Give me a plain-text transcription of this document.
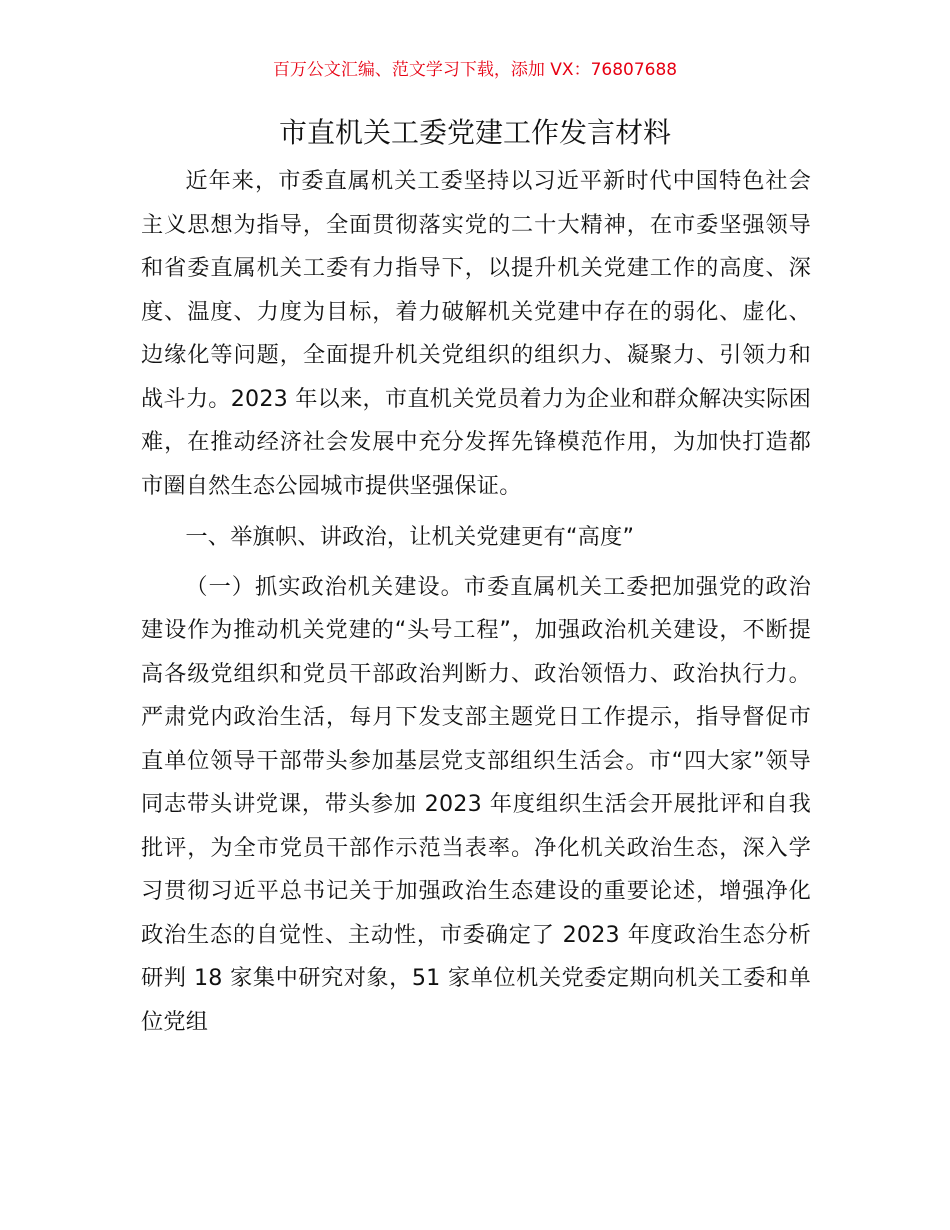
百万公文汇编、范文学习下载，添加 VX：76807688
市直机关工委党建工作发言材料

近年来，市委直属机关工委坚持以习近平新时代中国特色社会主义思想为指导，全面贯彻落实党的二十大精神，在市委坚强领导和省委直属机关工委有力指导下，以提升机关党建工作的高度、深度、温度、力度为目标，着力破解机关党建中存在的弱化、虚化、边缘化等问题，全面提升机关党组织的组织力、凝聚力、引领力和战斗力。2023 年以来，市直机关党员着力为企业和群众解决实际困难，在推动经济社会发展中充分发挥先锋模范作用，为加快打造都市圈自然生态公园城市提供坚强保证。

一、举旗帜、讲政治，让机关党建更有“高度”

（一）抓实政治机关建设。市委直属机关工委把加强党的政治建设作为推动机关党建的“头号工程”，加强政治机关建设，不断提高各级党组织和党员干部政治判断力、政治领悟力、政治执行力。严肃党内政治生活，每月下发支部主题党日工作提示，指导督促市直单位领导干部带头参加基层党支部组织生活会。市“四大家”领导同志带头讲党课，带头参加 2023 年度组织生活会开展批评和自我批评，为全市党员干部作示范当表率。净化机关政治生态，深入学习贯彻习近平总书记关于加强政治生态建设的重要论述，增强净化政治生态的自觉性、主动性，市委确定了 2023 年度政治生态分析研判 18 家集中研究对象，51 家单位机关党委定期向机关工委和单位党组
